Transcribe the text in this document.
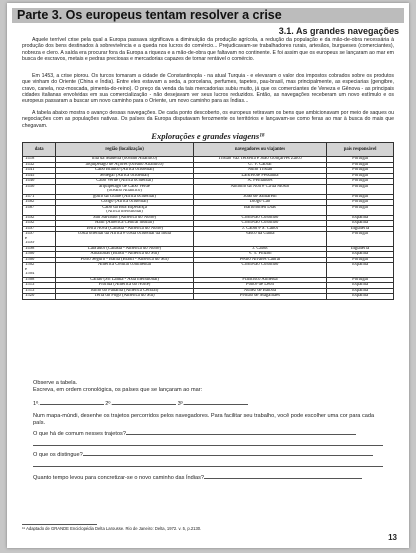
Parte 3. Os europeus tentam resolver a crise
3.1. As grandes navegações

Aquele terrível crise pela qual a Europa passava significava a diminuição da produção agrícola, a redução da população e da mão-de-obra necessária à produção dos bens destinados à sobrevivência e a queda nos lucros do comércio... Prejudicavam-se trabalhadores rurais, artesãos, burgueses (comerciantes), nobreza e clero. A saída era procurar fora da Europa a riqueza e a mão-de-obra que faltavam no continente. E foi assim que os europeus se lançaram ao mar em busca de escravos, metais e pedras preciosas e mercadorias capazes de tornar rentável o comércio.

Em 1453, a crise piorou. Os turcos tomaram a cidade de Constantinopla - na atual Turquia - e elevaram o valor dos impostos cobrados sobre os produtos que vinham do Oriente (China e Índia). Entre eles estavam a seda, a porcelana, perfumes, tapetes, pau-brasil, mas principalmente, as especiarias (gengibre, cravo, canela, noz-moscada, pimenta-do-reino). O preço da venda da tais mercadorias subiu muito, já que os comerciantes de Veneza e Gênova - as principais cidades italianas envolvidas em sua comercialização - não desejavam ver seus lucros reduzidos. Então, as navegações receberam um novo estímulo e os europeus passaram a buscar um novo caminho para o Oriente, um novo caminho para as Índias...

A tabela abaixo mostra o avanço dessas navegações. De cada ponto descoberto, os europeus retiravam os bens que ambicionavam por meio de saques ou negociações com as populações nativas. Os países da Europa disputavam ferozmente os territórios e lançavam-se como feras ao mar à busca do mais que chegavam.

Explorações e grandes viagens¹⁸
data	região (localização)	navegadores ou viajantes	país responsável
1418	ilha da Madeira (oceano Atlântico)	Tristão Vaz Teixeira e João Gonçalves Zarco	Portugal
1432	arquipélago de Açores (oceano Atlântico)	G. V. Cabral	Portugal
1441	Cabo Branco (África ocidental)	Nuno Tristão	Portugal
1445	Senegal (África ocidental)	Lancerote Pessanha	Portugal
1446	Cabo Verde (África ocidental)	A. Fernandes	Portugal
1456	arquipélago de Cabo Verde	Antonio da Noli e Ca'da Mosto	Portugal
	(oceano Atlântico)		
1471	golfo da Guiné (África ocidental)	João de Santarém	Portugal
1482	Congo (África ocidental)	Diogo Cão	Portugal
1487	Cabo da Boa Esperança	Bartolomeu Dias	Portugal
	(África meridional)		
1492	San Salvador (América do Norte)	Cristóvão Colombo	Espanha
1492	Haiti (América Central insular)	Cristóvão Colombo	Espanha
1497	Terra Nova (Canadá - América do Norte)	J. Cabot e S. Cabot	Inglaterra
1497	costa oriental da África e costa ocidental da Índia	Vasco da Gama	Portugal
e			
1499			
1498	Labrador (Canadá - América do Norte)	J. Cabot	Inglaterra
1500	Amazonas (Brasil - América do Sul)	V. Y. Pinzón	Espanha
1500	Porto Seguro - Bahia (Brasil - América do Sul)	Pedro Álvares Cabral	Portugal
1502	América Central continental	Cristóvão Colombo	Espanha
e			
1504			
1508	Callão (Sri Lanka - Ásia meridional)	Francisco Almeida	Portugal
1513	Flórida (América do Norte)	Ponce de León	Espanha
1513	istmo do Panamá (América Central)	Núñez de Balboa	Espanha
1520	Terra do Fogo (América do Sul)	Fernão de Magalhães	Espanha

Observe a tabela.

Escreva, em ordem cronológica, os países que se lançaram ao mar:

1º.	2º.	3º.

Num mapa-múndi, desenhe os trajetos percorridos pelos navegadores. Para facilitar seu trabalho, você pode escolher uma cor para cada país.

O que há de comum nesses trajetos?

O que os distingue?

Quanto tempo levou para concretizar-se o novo caminho das Índias?

¹⁸ Adaptado de GRANDE Enciclopédia Delta Larousse. Rio de Janeiro: Delta, 1972. v. 5, p.2130.
13
